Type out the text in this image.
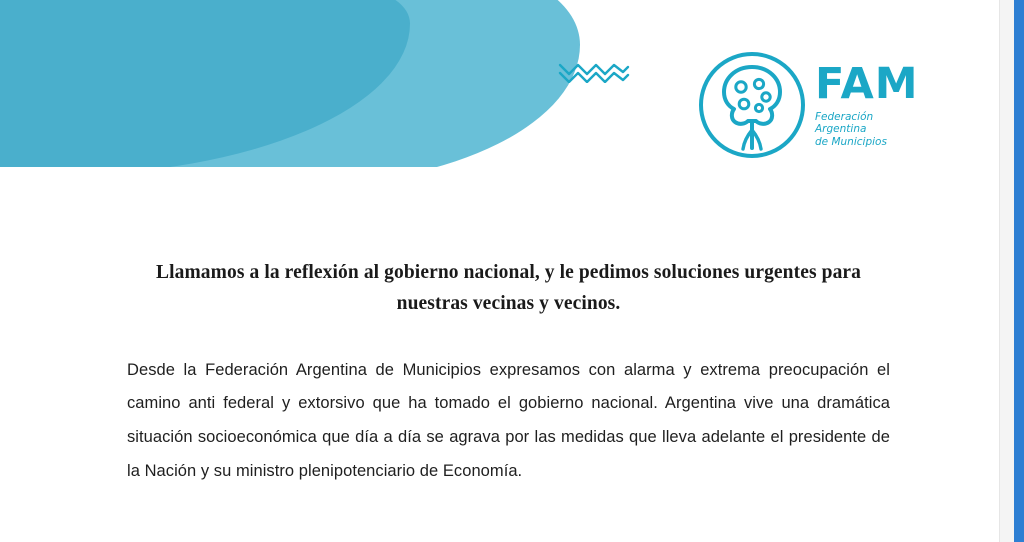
FAM
Federación Argentina
de Municipios

Llamamos a la reflexión al gobierno nacional, y le pedimos soluciones urgentes para nuestras vecinas y vecinos.

Desde la Federación Argentina de Municipios expresamos con alarma y extrema preocupación el camino anti federal y extorsivo que ha tomado el gobierno nacional. Argentina vive una dramática situación socioeconómica que día a día se agrava por las medidas que lleva adelante el presidente de la Nación y su ministro plenipotenciario de Economía.
